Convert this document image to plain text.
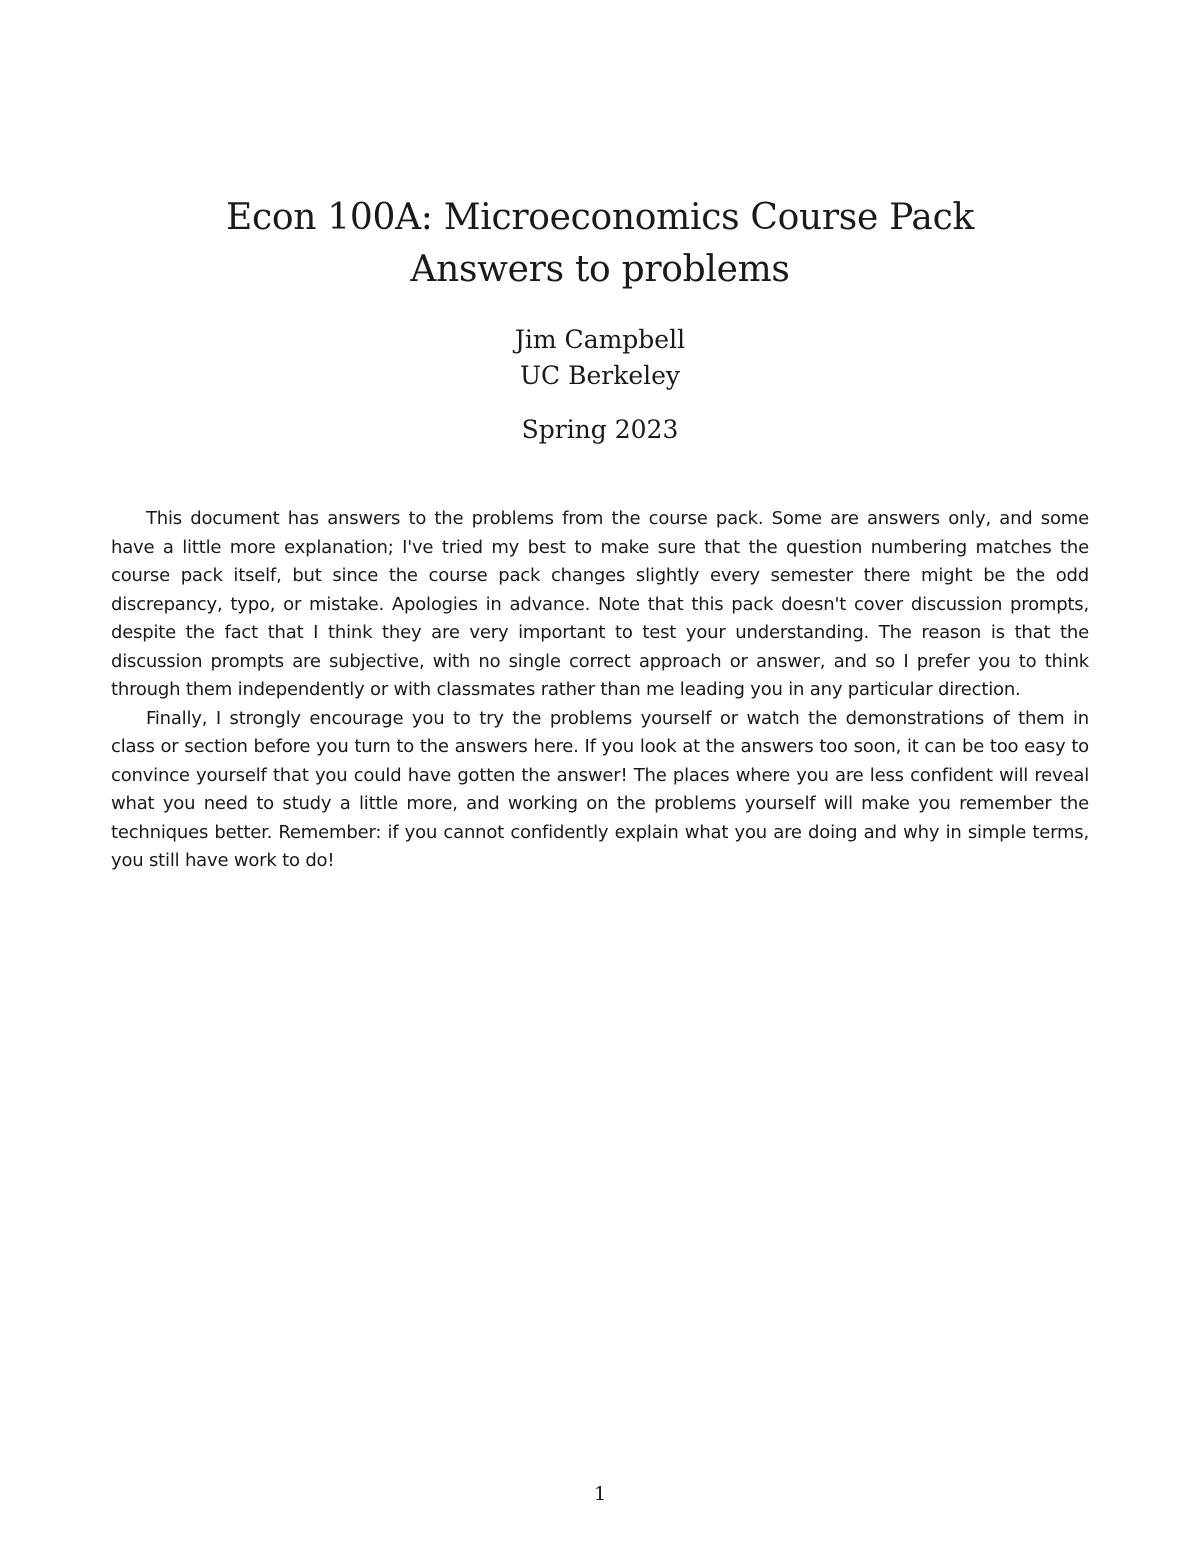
Econ 100A: Microeconomics Course Pack
Answers to problems
Jim Campbell
UC Berkeley
Spring 2023

This document has answers to the problems from the course pack. Some are answers only, and some have a little more explanation; I've tried my best to make sure that the question numbering matches the course pack itself, but since the course pack changes slightly every semester there might be the odd discrepancy, typo, or mistake. Apologies in advance. Note that this pack doesn't cover discussion prompts, despite the fact that I think they are very important to test your understanding. The reason is that the discussion prompts are subjective, with no single correct approach or answer, and so I prefer you to think through them independently or with classmates rather than me leading you in any particular direction.

Finally, I strongly encourage you to try the problems yourself or watch the demonstrations of them in class or section before you turn to the answers here. If you look at the answers too soon, it can be too easy to convince yourself that you could have gotten the answer! The places where you are less confident will reveal what you need to study a little more, and working on the problems yourself will make you remember the techniques better. Remember: if you cannot confidently explain what you are doing and why in simple terms, you still have work to do!

1
